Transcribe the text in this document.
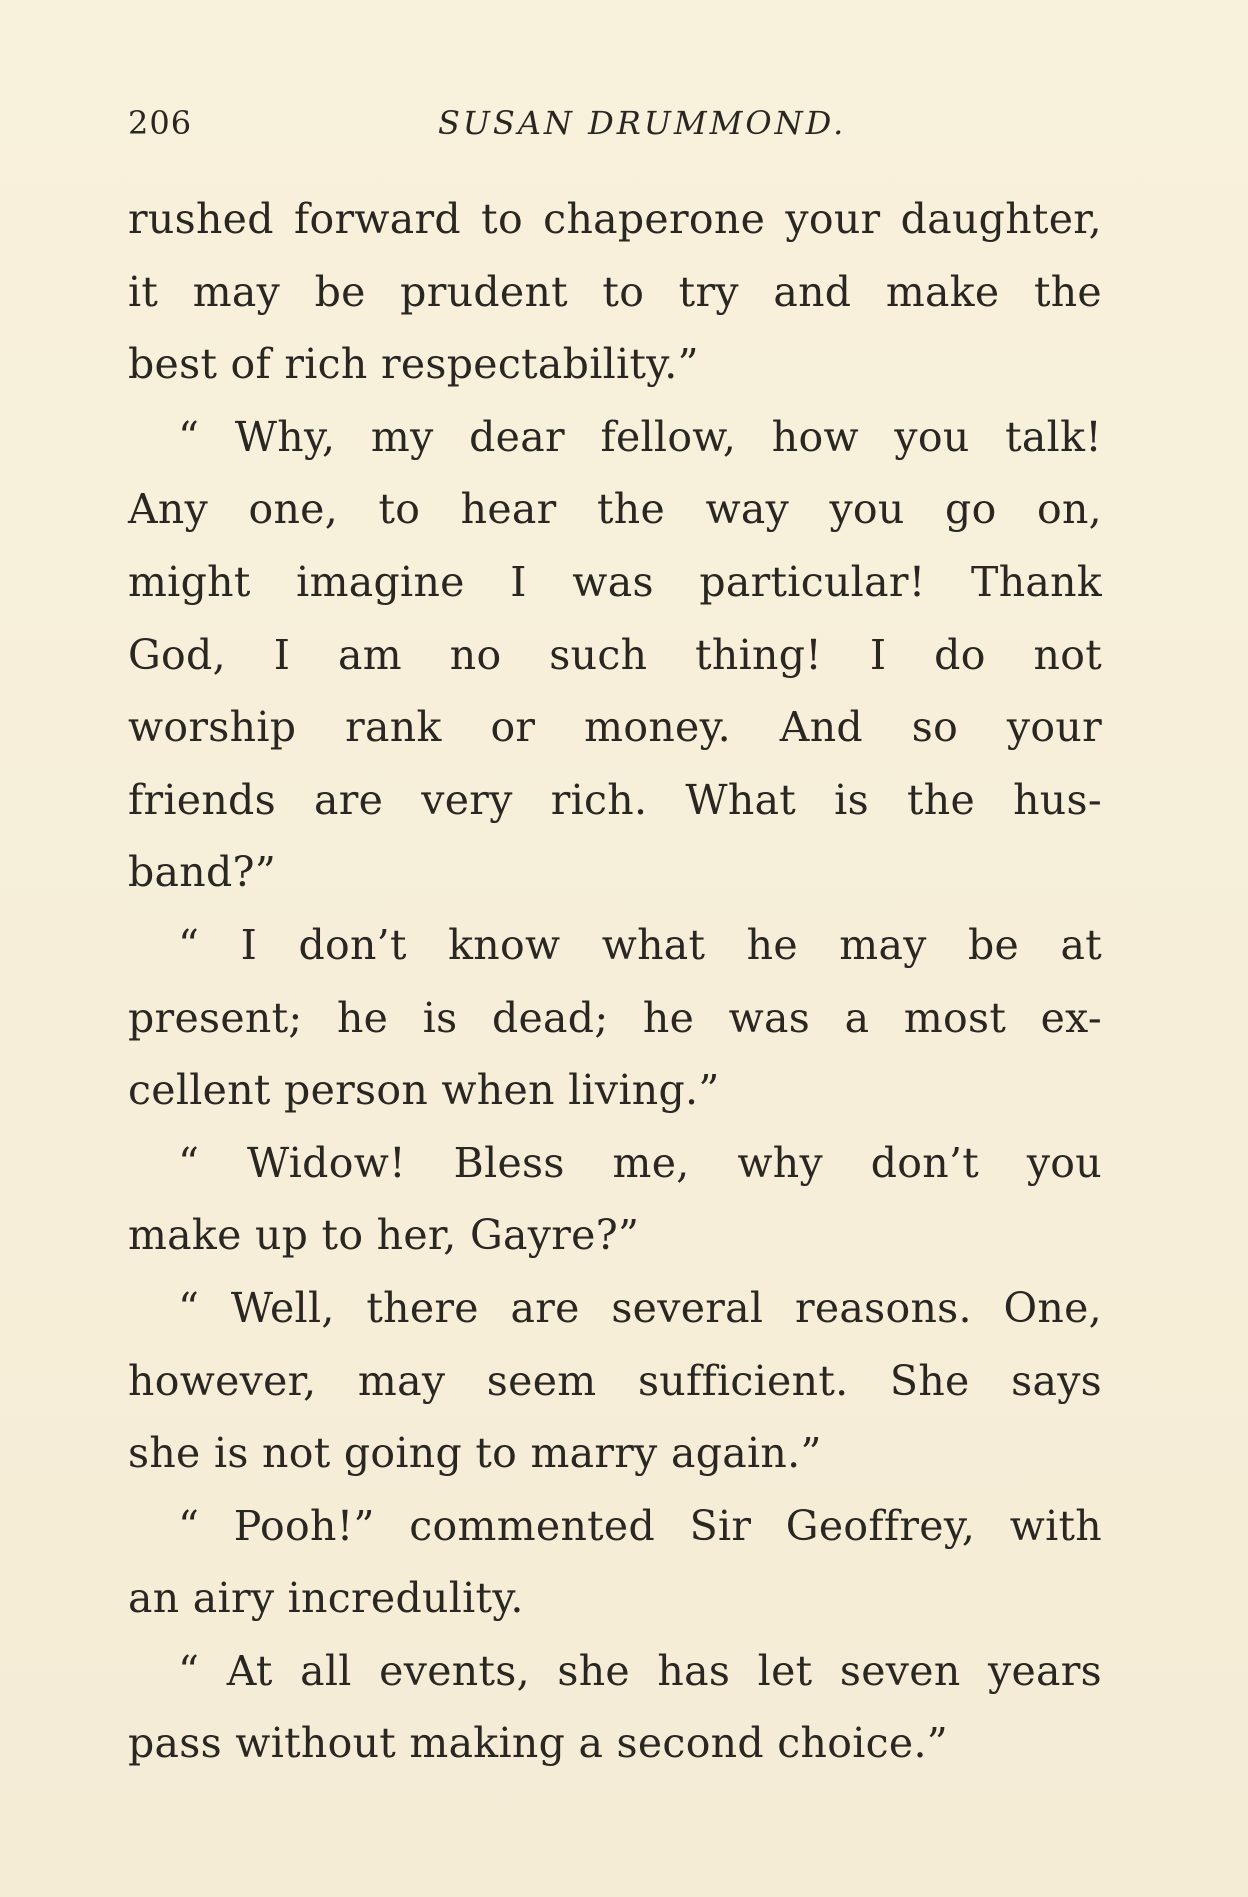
206	SUSAN DRUMMOND.
rushed forward to chaperone your daughter,
it may be prudent to try and make the
best of rich respectability.”
“ Why, my dear fellow, how you talk!
Any one, to hear the way you go on,
might imagine I was particular! Thank
God, I am no such thing! I do not
worship rank or money. And so your
friends are very rich. What is the hus-
band?”
“ I don’t know what he may be at
present; he is dead; he was a most ex-
cellent person when living.”
“ Widow! Bless me, why don’t you
make up to her, Gayre?”
“ Well, there are several reasons. One,
however, may seem sufficient. She says
she is not going to marry again.”
“ Pooh!” commented Sir Geoffrey, with
an airy incredulity.
“ At all events, she has let seven years
pass without making a second choice.”
